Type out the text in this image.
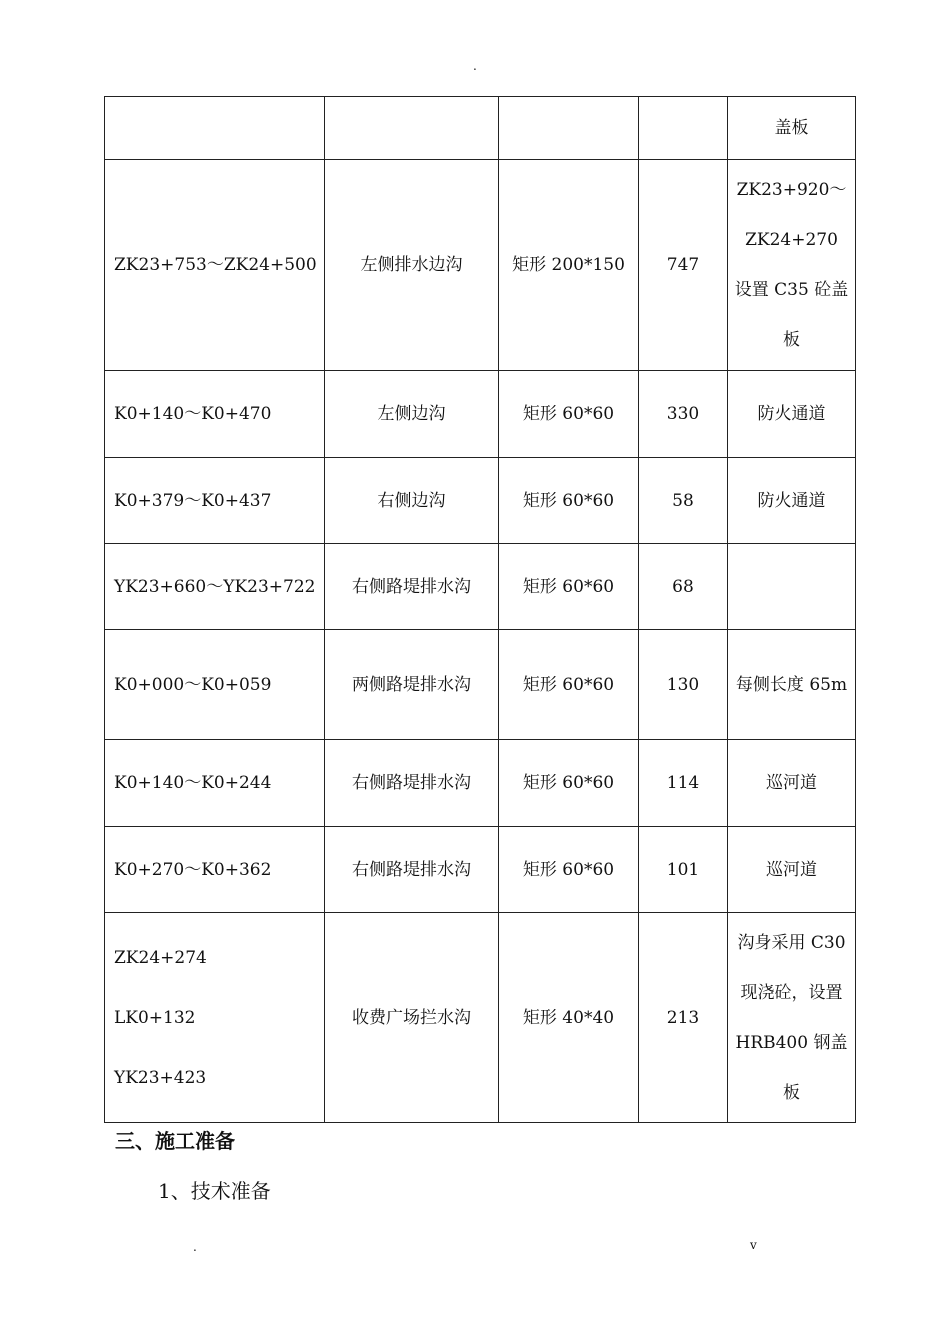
.
				盖板
ZK23+753～ZK24+500	左侧排水边沟	矩形 200*150	747	ZK23+920～ZK24+270 设置 C35 砼盖板
K0+140～K0+470	左侧边沟	矩形 60*60	330	防火通道
K0+379～K0+437	右侧边沟	矩形 60*60	58	防火通道
YK23+660～YK23+722	右侧路堤排水沟	矩形 60*60	68	
K0+000～K0+059	两侧路堤排水沟	矩形 60*60	130	每侧长度 65m
K0+140～K0+244	右侧路堤排水沟	矩形 60*60	114	巡河道
K0+270～K0+362	右侧路堤排水沟	矩形 60*60	101	巡河道

ZK24+274
LK0+132
YK23+423	收费广场拦水沟	矩形 40*40	213	沟身采用 C30 现浇砼，设置 HRB400 钢盖板
三、施工准备
1、技术准备
.	v
